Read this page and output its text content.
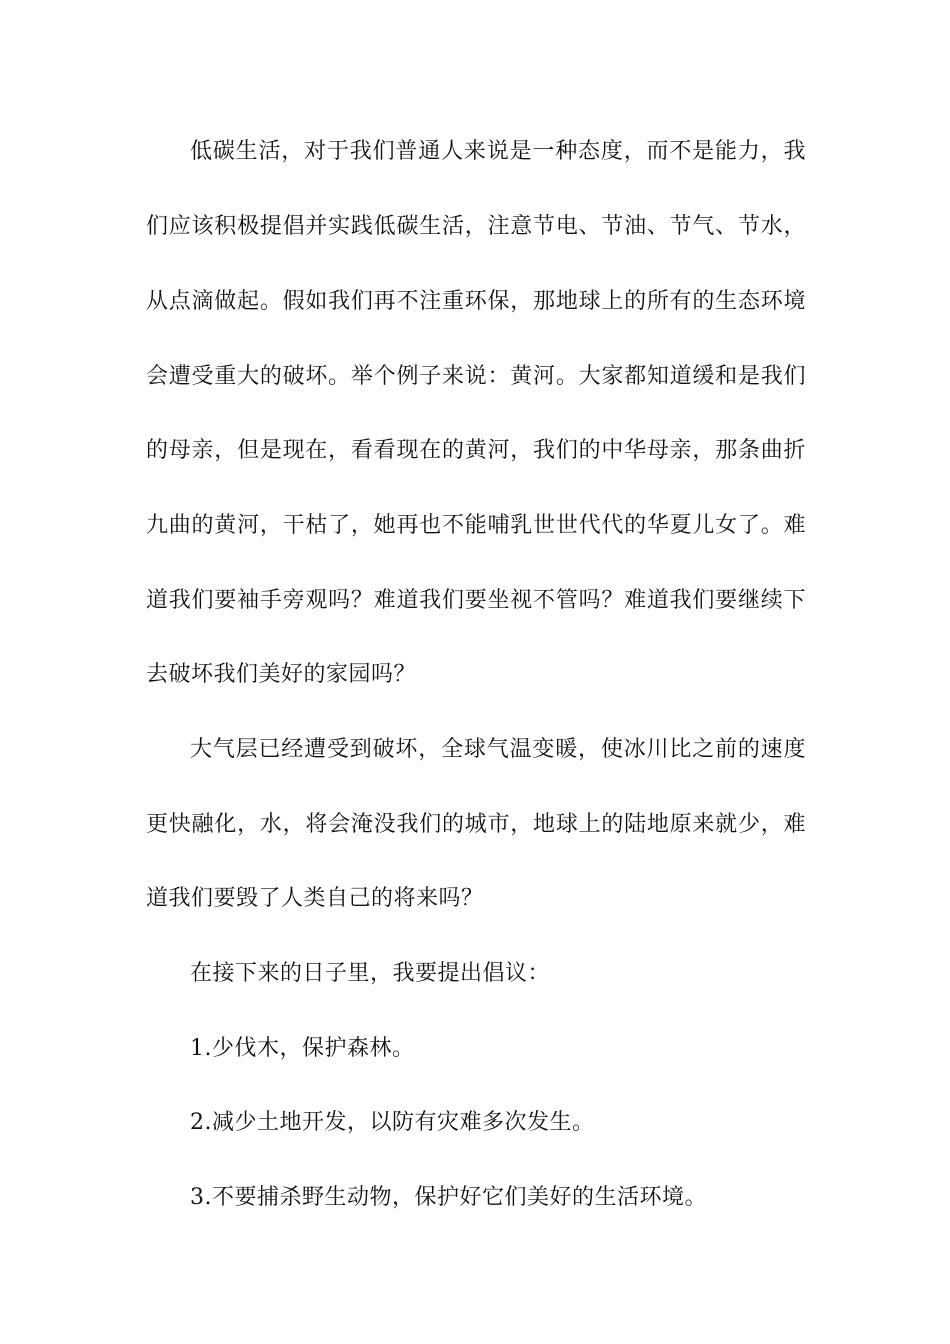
低碳生活，对于我们普通人来说是一种态度，而不是能力，我
们应该积极提倡并实践低碳生活，注意节电、节油、节气、节水，
从点滴做起。假如我们再不注重环保，那地球上的所有的生态环境
会遭受重大的破坏。举个例子来说：黄河。大家都知道缓和是我们
的母亲，但是现在，看看现在的黄河，我们的中华母亲，那条曲折
九曲的黄河，干枯了，她再也不能哺乳世世代代的华夏儿女了。难
道我们要袖手旁观吗？难道我们要坐视不管吗？难道我们要继续下
去破坏我们美好的家园吗？
大气层已经遭受到破坏，全球气温变暖，使冰川比之前的速度
更快融化，水，将会淹没我们的城市，地球上的陆地原来就少，难
道我们要毁了人类自己的将来吗？
在接下来的日子里，我要提出倡议：
1.少伐木，保护森林。
2.减少土地开发，以防有灾难多次发生。
3.不要捕杀野生动物，保护好它们美好的生活环境。
